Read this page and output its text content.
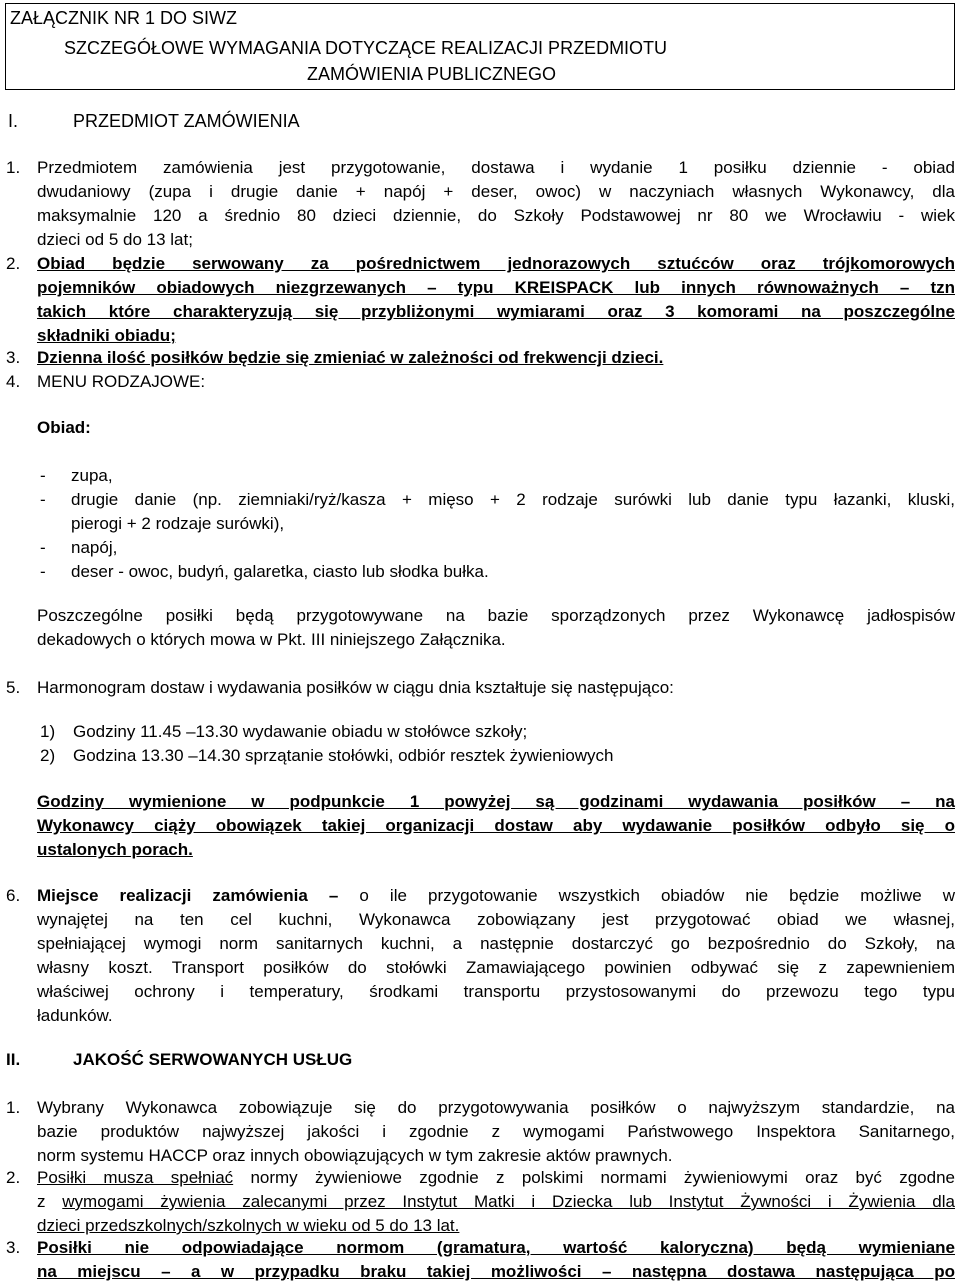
ZAŁĄCZNIK NR 1 DO SIWZ
SZCZEGÓŁOWE WYMAGANIA DOTYCZĄCE REALIZACJI PRZEDMIOTU
ZAMÓWIENIA PUBLICZNEGO
I.	PRZEDMIOT ZAMÓWIENIA
1. Przedmiotem zamówienia jest przygotowanie, dostawa i wydanie 1 posiłku dziennie - obiad
dwudaniowy (zupa i drugie danie + napój + deser, owoc) w naczyniach własnych Wykonawcy, dla
maksymalnie 120 a średnio 80 dzieci dziennie, do Szkoły Podstawowej nr 80 we Wrocławiu - wiek
dzieci od 5 do 13 lat;
2. Obiad będzie serwowany za pośrednictwem jednorazowych sztućców oraz trójkomorowych
pojemników obiadowych niezgrzewanych – typu KREISPACK lub innych równoważnych – tzn
takich które charakteryzują się przybliżonymi wymiarami oraz 3 komorami na poszczególne
składniki obiadu;
3. Dzienna ilość posiłków będzie się zmieniać w zależności od frekwencji dzieci.
4. MENU RODZAJOWE:
Obiad:
- zupa,
- drugie danie (np. ziemniaki/ryż/kasza + mięso + 2 rodzaje surówki lub danie typu łazanki, kluski,
pierogi + 2 rodzaje surówki),
- napój,
- deser - owoc, budyń, galaretka, ciasto lub słodka bułka.
Poszczególne posiłki będą przygotowywane na bazie sporządzonych przez Wykonawcę jadłospisów
dekadowych o których mowa w Pkt. III niniejszego Załącznika.
5. Harmonogram dostaw i wydawania posiłków w ciągu dnia kształtuje się następująco:
1) Godziny 11.45 –13.30 wydawanie obiadu w stołówce szkoły;
2) Godzina 13.30 –14.30 sprzątanie stołówki, odbiór resztek żywieniowych
Godziny wymienione w podpunkcie 1 powyżej są godzinami wydawania posiłków – na
Wykonawcy ciąży obowiązek takiej organizacji dostaw aby wydawanie posiłków odbyło się o
ustalonych porach.
6. Miejsce realizacji zamówienia – o ile przygotowanie wszystkich obiadów nie będzie możliwe w
wynajętej na ten cel kuchni, Wykonawca zobowiązany jest przygotować obiad we własnej,
spełniającej wymogi norm sanitarnych kuchni, a następnie dostarczyć go bezpośrednio do Szkoły, na
własny koszt. Transport posiłków do stołówki Zamawiającego powinien odbywać się z zapewnieniem
właściwej ochrony i temperatury, środkami transportu przystosowanymi do przewozu tego typu
ładunków.
II.	JAKOŚĆ SERWOWANYCH USŁUG
1. Wybrany Wykonawca zobowiązuje się do przygotowywania posiłków o najwyższym standardzie, na
bazie produktów najwyższej jakości i zgodnie z wymogami Państwowego Inspektora Sanitarnego,
norm systemu HACCP oraz innych obowiązujących w tym zakresie aktów prawnych.
2. Posiłki musza spełniać normy żywieniowe zgodnie z polskimi normami żywieniowymi oraz być zgodne
z wymogami żywienia zalecanymi przez Instytut Matki i Dziecka lub Instytut Żywności i Żywienia dla
dzieci przedszkolnych/szkolnych w wieku od 5 do 13 lat.
3. Posiłki nie odpowiadające normom (gramatura, wartość kaloryczna) będą wymieniane
na miejscu – a w przypadku braku takiej możliwości – następna dostawa następująca po
